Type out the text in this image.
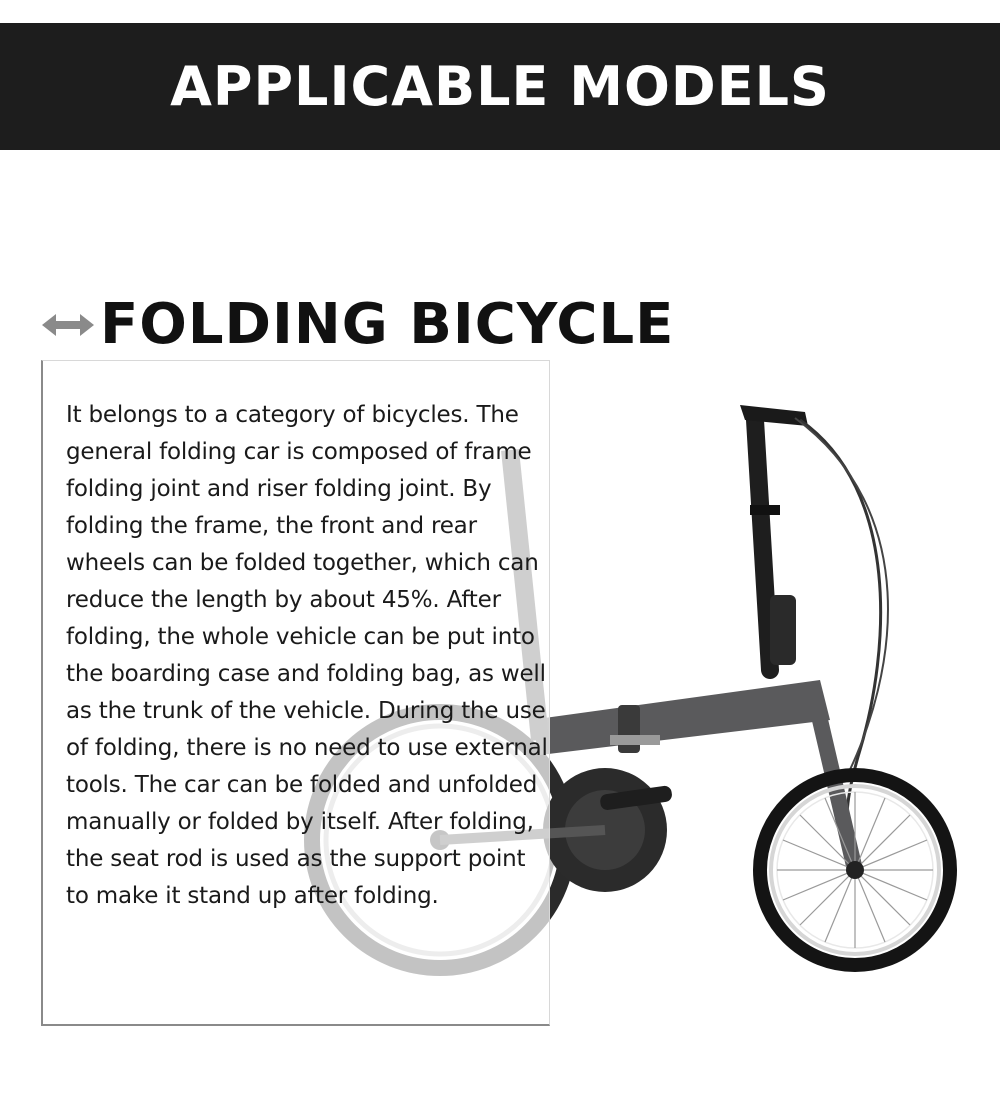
APPLICABLE MODELS
FOLDING BICYCLE

It belongs to a category of bicycles. The general folding car is composed of frame folding joint and riser folding joint. By folding the frame, the front and rear wheels can be folded together, which can reduce the length by about 45%. After folding, the whole vehicle can be put into the boarding case and folding bag, as well as the trunk of the vehicle. During the use of folding, there is no need to use external tools. The car can be folded and unfolded manually or folded by itself. After folding, the seat rod is used as the support point to make it stand up after folding.
